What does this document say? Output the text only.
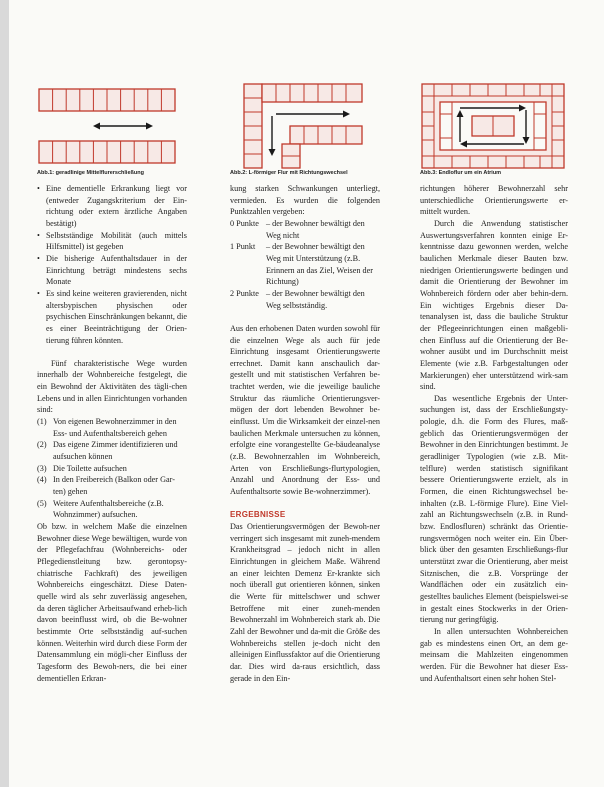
Abb.1: geradlinige Mittelflurerschließung	Abb.2: L-förmiger Flur mit Richtungswechsel	Abb.3: Endloflur um ein Atrium

• Eine dementielle Erkrankung liegt vor (entweder Zugangskriterium der Ein-richtung oder extern ärztliche Angaben bestätigt)

• Selbstständige Mobilität (auch mittels Hilfsmittel) ist gegeben

• Die bisherige Aufenthaltsdauer in der Einrichtung beträgt mindestens sechs Monate

• Es sind keine weiteren gravierenden, nicht altersbypischen physischen oder psychischen Einschränkungen bekannt, die es einer Beeinträchtigung der Orien-tierung führen könnten.

Fünf charakteristische Wege wurden innerhalb der Wohnbereiche festgelegt, die ein Bewohnd der Aktivitäten des tägli-chen Lebens und in allen Einrichtungen vorhanden sind:

(1) Von eigenen Bewohnerzimmer in den Ess- und Aufenthaltsbereich gehen
(2) Das eigene Zimmer identifizieren und aufsuchen können
(3) Die Toilette aufsuchen
(4) In den Freibereich (Balkon oder Gar-ten) gehen
(5) Weitere Aufenthaltsbereiche (z.B. Wohnzimmer) aufsuchen.

Ob bzw. in welchem Maße die einzelnen Bewohner diese Wege bewältigen, wurde von der Pflegefachfrau (Wohnbereichs- oder Pflegedienstleitung bzw. gerontopsy-chiatrische Fachkraft) des jeweiligen Wohnbereichs eingeschätzt. Diese Daten-quelle wird als sehr zuverlässig angesehen, da deren täglicher Arbeitsaufwand erheb-lich davon beeinflusst wird, ob die Be-wohner bestimmte Orte selbstständig auf-suchen können. Weiterhin wird durch diese Form der Datensammlung ein mögli-cher Einfluss der Tagesform des Bewoh-ners, die bei einer dementiellen Erkran-

kung starken Schwankungen unterliegt, vermieden. Es wurden die folgenden Punktzahlen vergeben:

0 Punkte – der Bewohner bewältigt den Weg nicht
1 Punkt	– der Bewohner bewältigt den Weg mit Unterstützung (z.B. Erinnern an das Ziel, Weisen der Richtung)
2 Punkte – der Bewohner bewältigt den Weg selbstständig.

Aus den erhobenen Daten wurden sowohl für die einzelnen Wege als auch für jede Einrichtung insgesamt Orientierungswerte errechnet. Damit kann anschaulich dar-gestellt und mit statistischen Verfahren be-trachtet werden, wie die jeweilige bauliche Struktur das räumliche Orientierungsver-mögen der dort lebenden Bewohner be-einflusst. Um die Wirksamkeit der einzel-nen baulichen Merkmale untersuchen zu können, erfolgte eine vorangestellte Ge-bäudeanalyse (z.B. Bewohnerzahlen im Wohnbereich, Arten von Erschließungs-flurtypologien, Anzahl und Anordnung der Ess- und Aufenthaltsorte sowie Be-wohnerzimmer).

ERGEBNISSE

Das Orientierungsvermögen der Bewoh-ner verringert sich insgesamt mit zuneh-mendem Krankheitsgrad – jedoch nicht in allen Einrichtungen in gleichem Maße. Während an einer leichten Demenz Er-krankte sich noch überall gut orientieren können, sinken die Werte für mittelschwer und schwer Betroffene mit einer zuneh-menden Bewohnerzahl im Wohnbereich stark ab. Die Zahl der Bewohner und da-mit die Größe des Wohnbereichs stellen je-doch nicht den alleinigen Einflussfaktor auf die Orientierung dar. Dies wird da-raus ersichtlich, dass gerade in den Ein-

richtungen höherer Bewohnerzahl sehr unterschiedliche Orientierungswerte er-mittelt wurden.

Durch die Anwendung statistischer Auswertungsverfahren konnten einige Er-kenntnisse dazu gewonnen werden, welche baulichen Merkmale dieser Bauten bzw. niedrigen Orientierungswerte bedingen und damit die Orientierung der Bewohner im Wohnbereich fördern oder aber behin-dern. Ein wichtiges Ergebnis dieser Da-tenanalysen ist, dass die bauliche Struktur der Pflegeeinrichtungen einen maßgebli-chen Einfluss auf die Orientierung der Be-wohner ausübt und im Durchschnitt meist Elemente (wie z.B. Farbgestaltungen oder Markierungen) eher unterstützend wirk-sam sind.

Das wesentliche Ergebnis der Unter-suchungen ist, dass der Erschließungsty-pologie, d.h. die Form des Flures, maß-geblich das Orientierungsvermögen der Bewohner in den Einrichtungen bestimmt. Je geradliniger Typologien (wie z.B. Mit-telflure) werden statistisch signifikant bessere Orientierungswerte erzielt, als in Formen, die einen Richtungswechsel be-inhalten (z.B. L-förmige Flure). Eine Viel-zahl an Richtungswechseln (z.B. in Rund-bzw. Endlosfluren) schränkt das Orientie-rungsvermögen noch weiter ein. Ein Über-blick über den gesamten Erschließungs-flur unterstützt zwar die Orientierung, aber meist Sitznischen, die z.B. Vorsprünge der Wandflächen oder ein zusätzlich ein-gestelltes bauliches Element (beispielswei-se in gestalt eines Stockwerks in der Orien-tierung nur geringfügig.

In allen untersuchten Wohnbereichen gab es mindestens einen Ort, an dem ge-meinsam die Mahlzeiten eingenommen werden. Für die Bewohner hat dieser Ess- und Aufenthaltsort einen sehr hohen Stel-
